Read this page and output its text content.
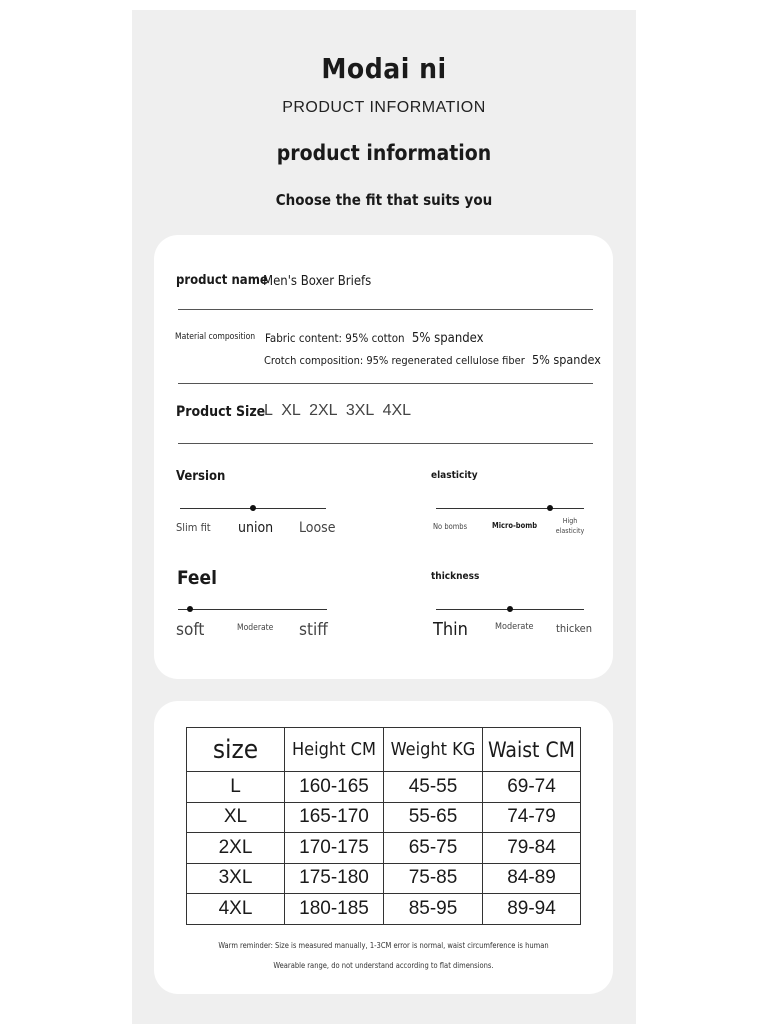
Modai ni
PRODUCT INFORMATION
product information
Choose the fit that suits you
product name
Men's Boxer Briefs
Material composition Fabric content: 95% cotton 5% spandex
Crotch composition: 95% regenerated cellulose fiber 5% spandex
Product Size
L  XL  2XL  3XL  4XL
Version
Slim fit union Loose
elasticity
No bombs	Micro-bomb	High
elasticity
Feel
soft	Moderate stiff
thickness
Thin	Moderate thicken
size	Height CM	Weight KG	Waist CM
L	160-165	45-55	69-74
XL	165-170	55-65	74-79
2XL	170-175	65-75	79-84
3XL	175-180	75-85	84-89
4XL	180-185	85-95	89-94
Warm reminder: Size is measured manually, 1-3CM error is normal, waist circumference is human
Wearable range, do not understand according to flat dimensions.
